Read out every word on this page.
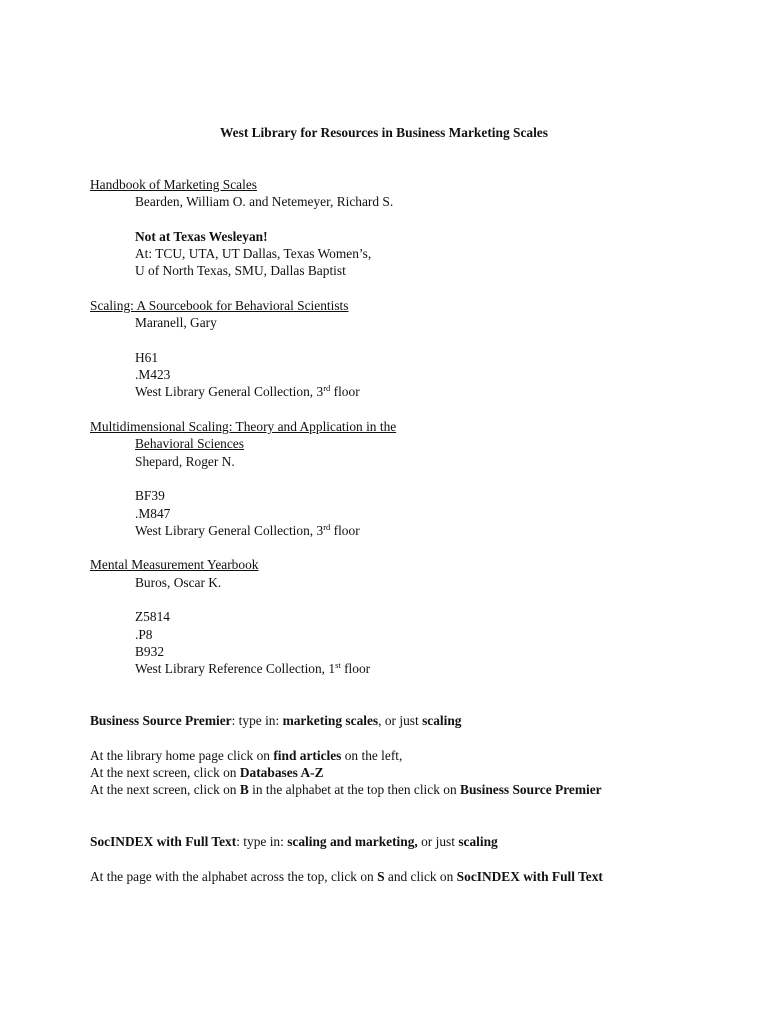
West Library for Resources in Business Marketing Scales

Handbook of Marketing Scales

Bearden, William O. and Netemeyer, Richard S.

Not at Texas Wesleyan!

At: TCU, UTA, UT Dallas, Texas Women’s,

U of North Texas, SMU, Dallas Baptist

Scaling: A Sourcebook for Behavioral Scientists

Maranell, Gary

H61

.M423

West Library General Collection, 3rd floor

Multidimensional Scaling: Theory and Application in the

Behavioral Sciences

Shepard, Roger N.

BF39

.M847

West Library General Collection, 3rd floor

Mental Measurement Yearbook

Buros, Oscar K.

Z5814

.P8

B932

West Library Reference Collection, 1st floor

Business Source Premier: type in: marketing scales, or just scaling

At the library home page click on find articles on the left,

At the next screen, click on Databases A-Z

At the next screen, click on B in the alphabet at the top then click on Business Source Premier

SocINDEX with Full Text: type in: scaling and marketing, or just scaling

At the page with the alphabet across the top, click on S and click on SocINDEX with Full Text
